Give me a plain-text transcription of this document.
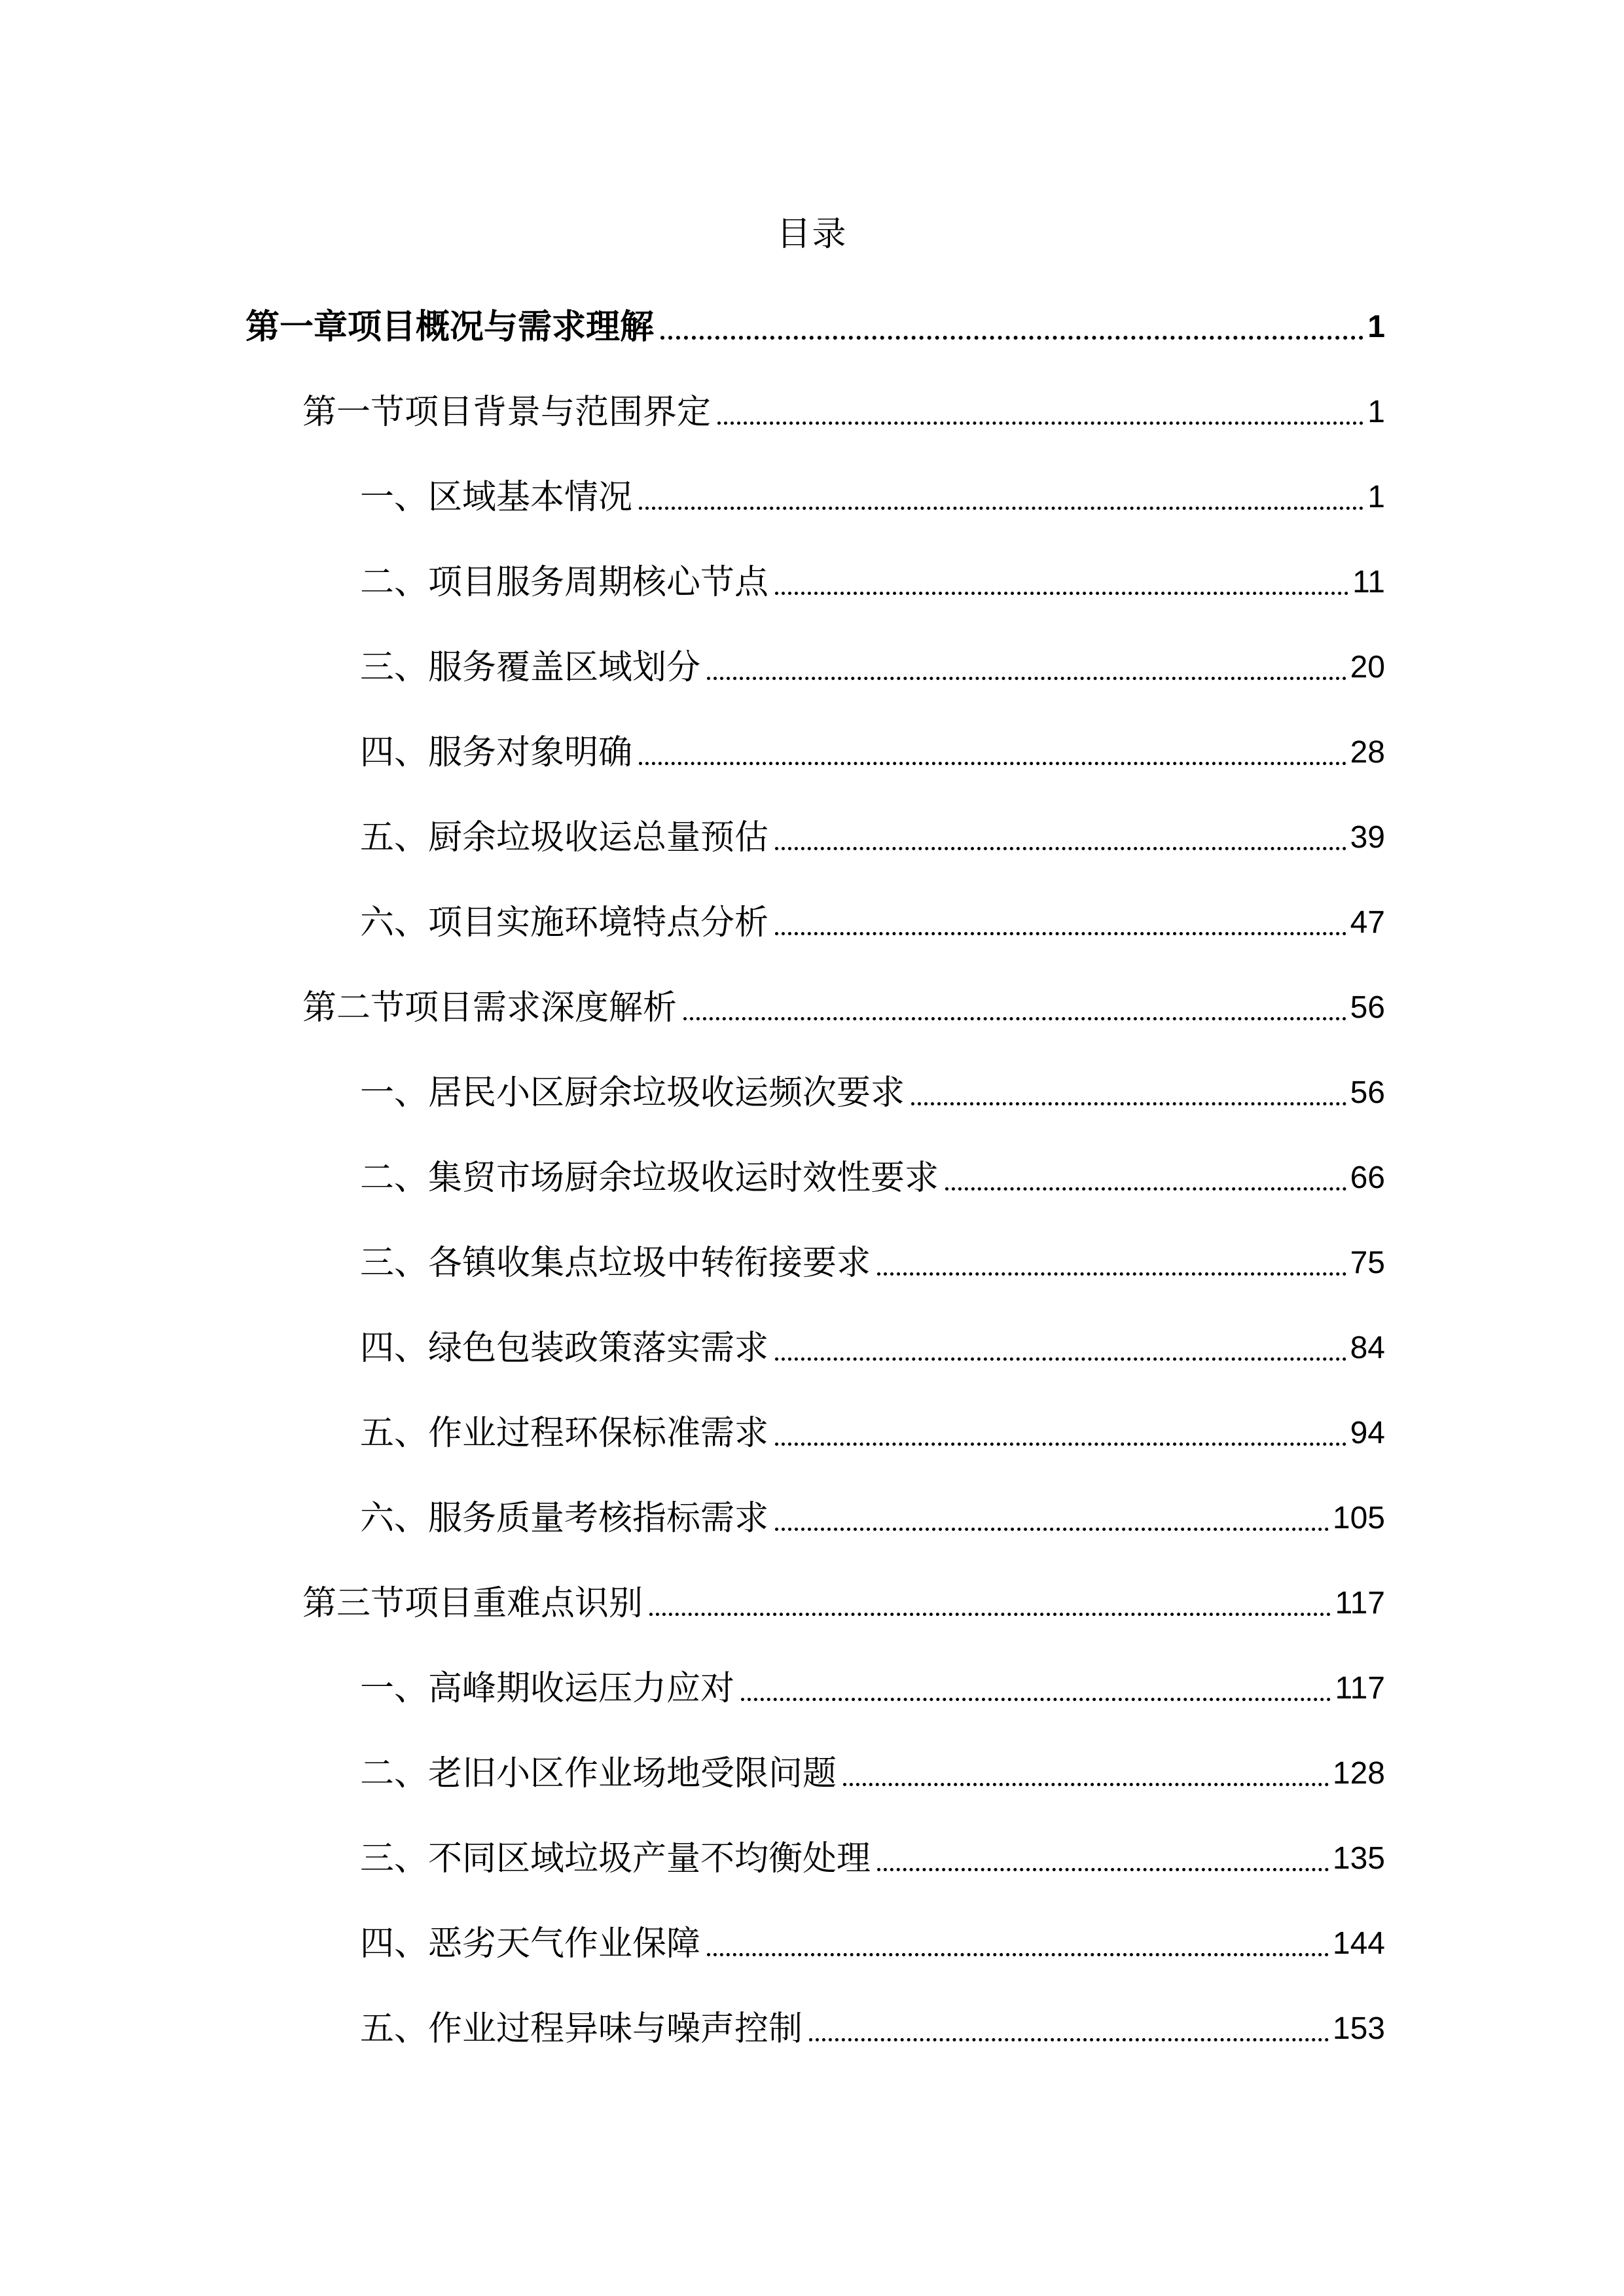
目录
第一章项目概况与需求理解	1
第一节项目背景与范围界定	1
一、区域基本情况	1
二、项目服务周期核心节点	11
三、服务覆盖区域划分	20
四、服务对象明确	28
五、厨余垃圾收运总量预估	39
六、项目实施环境特点分析	47
第二节项目需求深度解析	56
一、居民小区厨余垃圾收运频次要求	56
二、集贸市场厨余垃圾收运时效性要求	66
三、各镇收集点垃圾中转衔接要求	75
四、绿色包装政策落实需求	84
五、作业过程环保标准需求	94
六、服务质量考核指标需求	105
第三节项目重难点识别	117
一、高峰期收运压力应对	117
二、老旧小区作业场地受限问题	128
三、不同区域垃圾产量不均衡处理	135
四、恶劣天气作业保障	144
五、作业过程异味与噪声控制	153
